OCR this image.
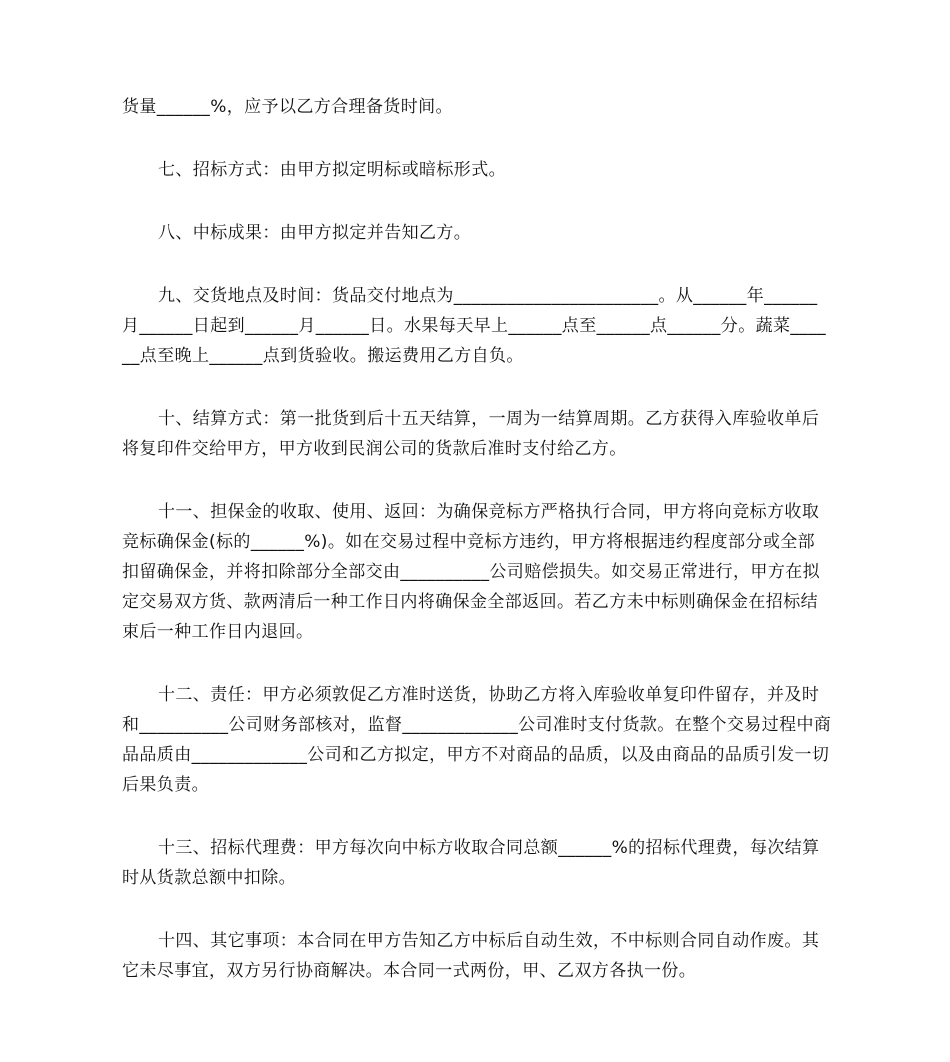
货量______%，应予以乙方合理备货时间。

七、招标方式：由甲方拟定明标或暗标形式。

八、中标成果：由甲方拟定并告知乙方。

九、交货地点及时间：货品交付地点为_______________________。从______年______月______日起到______月______日。水果每天早上______点至______点______分。蔬菜______点至晚上______点到货验收。搬运费用乙方自负。

十、结算方式：第一批货到后十五天结算，一周为一结算周期。乙方获得入库验收单后将复印件交给甲方，甲方收到民润公司的货款后准时支付给乙方。

十一、担保金的收取、使用、返回：为确保竞标方严格执行合同，甲方将向竞标方收取竞标确保金(标的______%)。如在交易过程中竞标方违约，甲方将根据违约程度部分或全部扣留确保金，并将扣除部分全部交由__________公司赔偿损失。如交易正常进行，甲方在拟定交易双方货、款两清后一种工作日内将确保金全部返回。若乙方未中标则确保金在招标结束后一种工作日内退回。

十二、责任：甲方必须敦促乙方准时送货，协助乙方将入库验收单复印件留存，并及时和__________公司财务部核对，监督_____________公司准时支付货款。在整个交易过程中商品品质由_____________公司和乙方拟定，甲方不对商品的品质，以及由商品的品质引发一切后果负责。

十三、招标代理费：甲方每次向中标方收取合同总额______%的招标代理费，每次结算时从货款总额中扣除。

十四、其它事项：本合同在甲方告知乙方中标后自动生效，不中标则合同自动作废。其它未尽事宜，双方另行协商解决。本合同一式两份，甲、乙双方各执一份。
